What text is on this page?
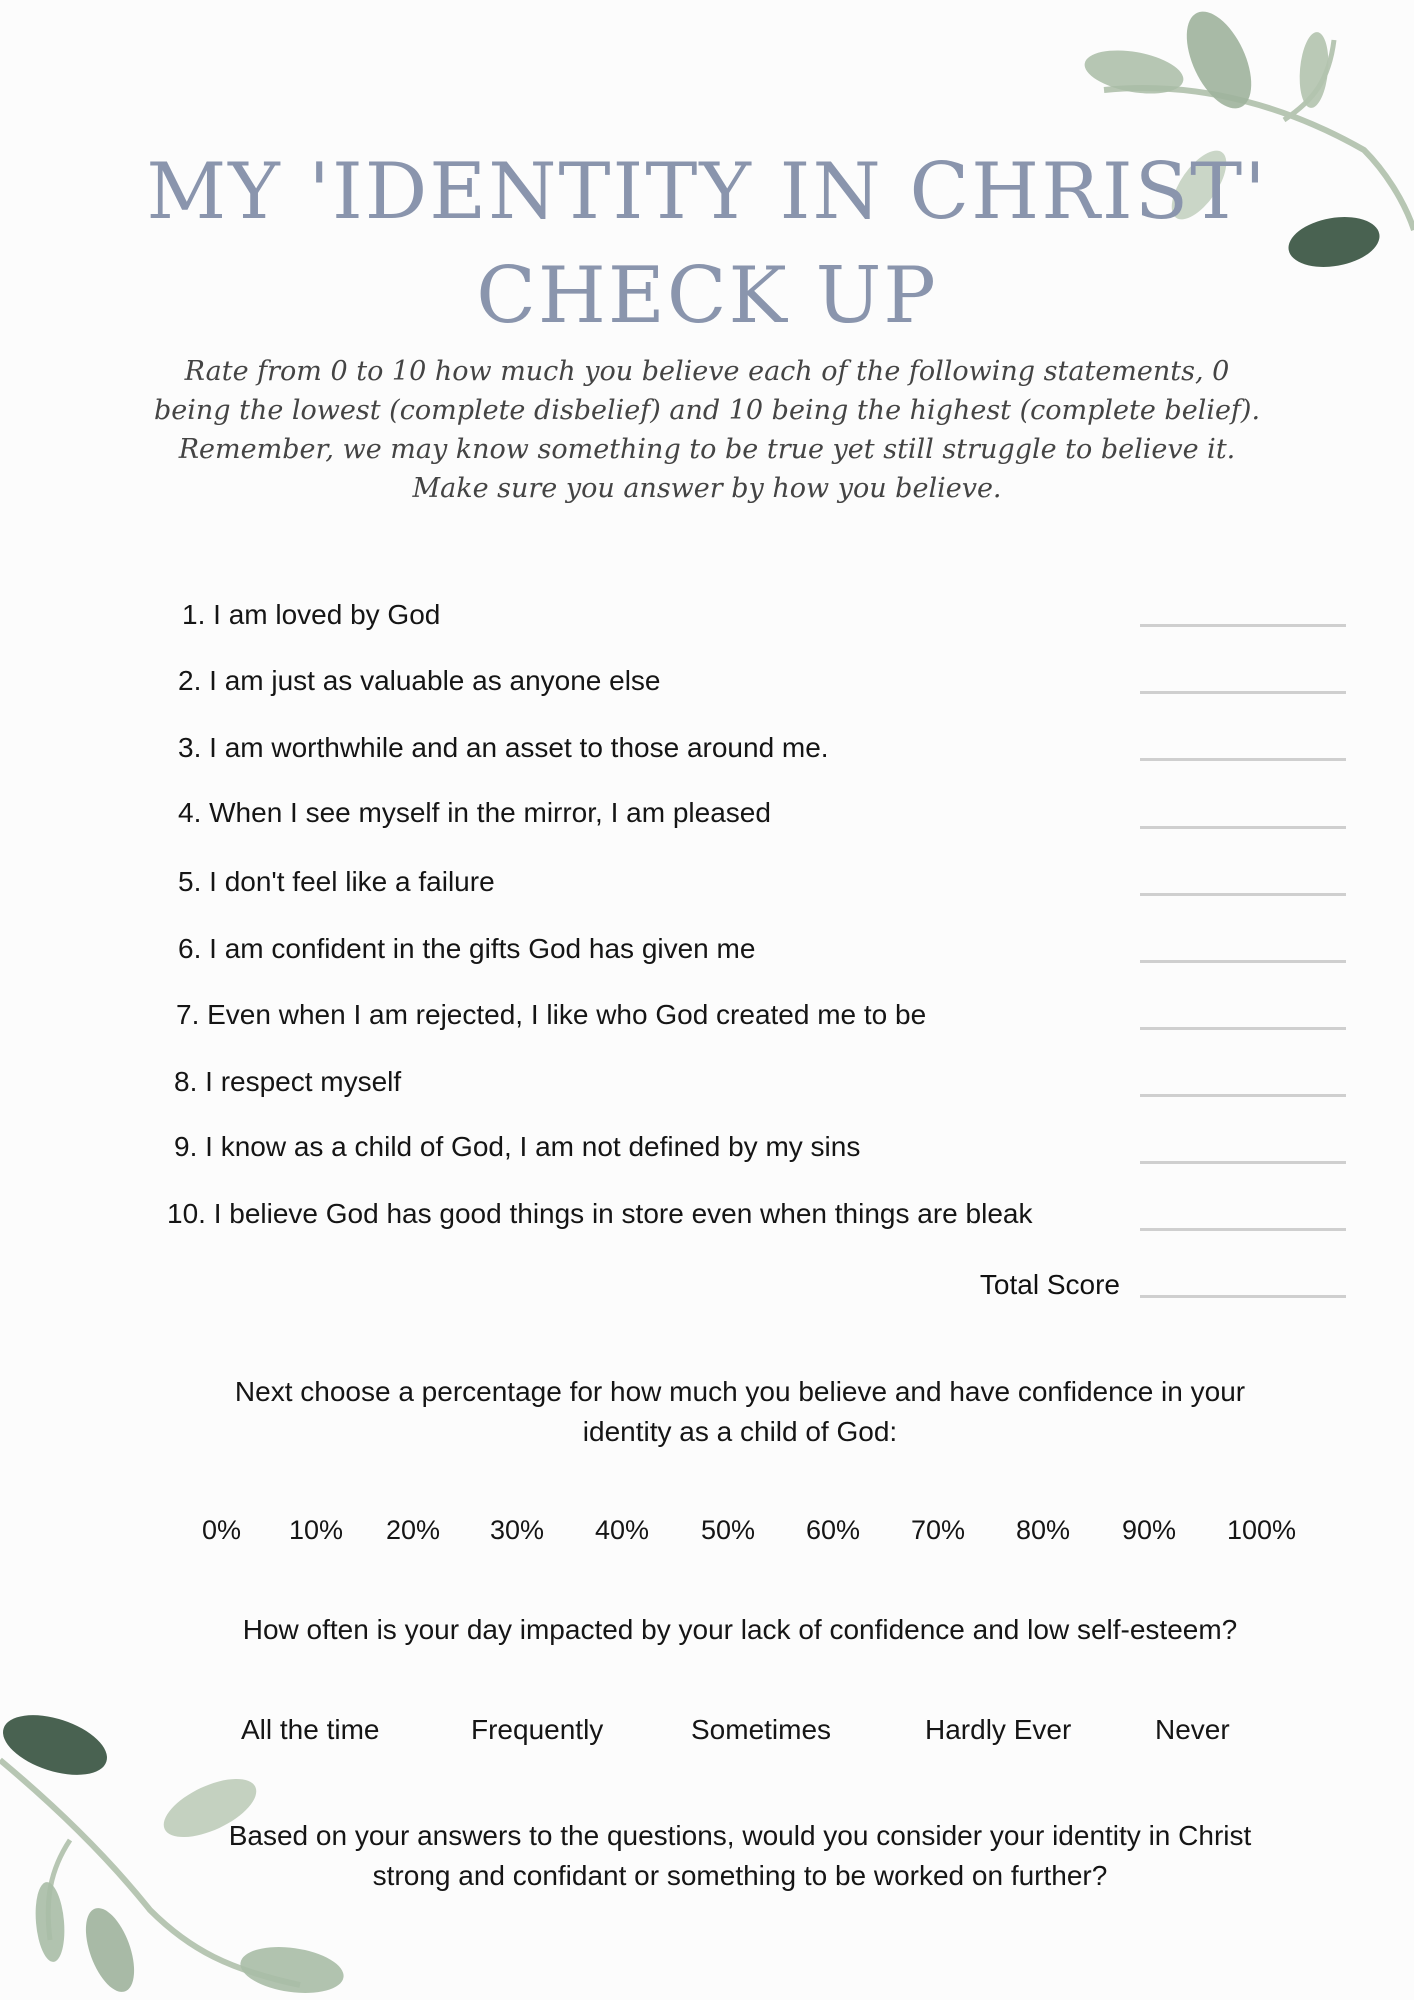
MY 'IDENTITY IN CHRIST'
CHECK UP
Rate from 0 to 10 how much you believe each of the following statements, 0
being the lowest (complete disbelief) and 10 being the highest (complete belief).
Remember, we may know something to be true yet still struggle to believe it.
Make sure you answer by how you believe.
1. I am loved by God
2. I am just as valuable as anyone else
3. I am worthwhile and an asset to those around me.
4. When I see myself in the mirror, I am pleased
5. I don't feel like a failure
6. I am confident in the gifts God has given me
7. Even when I am rejected, I like who God created me to be
8. I respect myself
9. I know as a child of God, I am not defined by my sins
10. I believe God has good things in store even when things are bleak
Total Score
Next choose a percentage for how much you believe and have confidence in your
identity as a child of God:
0% 10% 20% 30% 40% 50% 60% 70% 80% 90% 100%
How often is your day impacted by your lack of confidence and low self-esteem?
All the time	Frequently	Sometimes	Hardly Ever	Never
Based on your answers to the questions, would you consider your identity in Christ
strong and confidant or something to be worked on further?
